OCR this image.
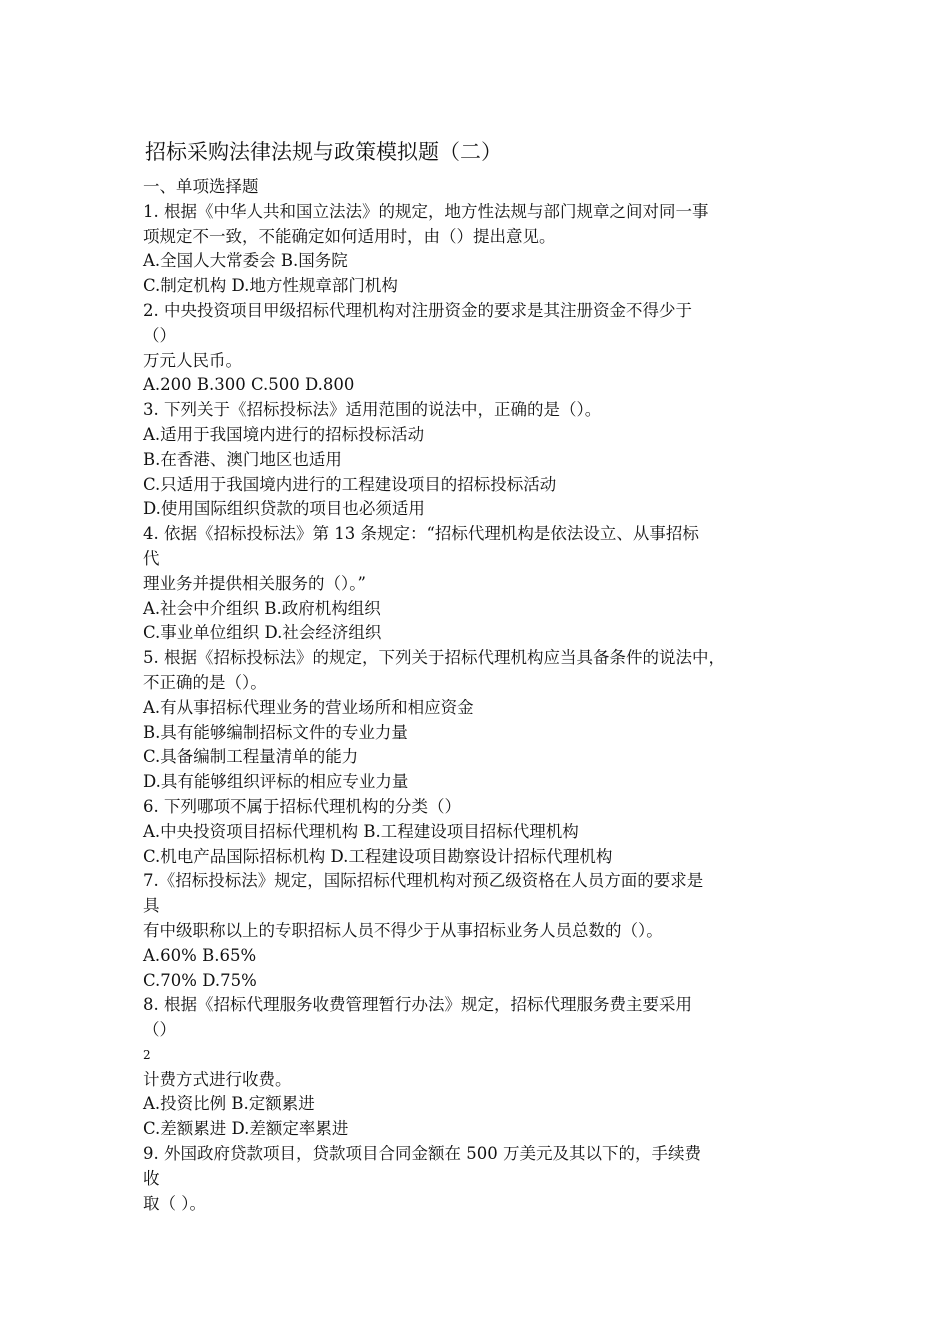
招标采购法律法规与政策模拟题（二）
一、单项选择题
1. 根据《中华人共和国立法法》的规定，地方性法规与部门规章之间对同一事
项规定不一致，不能确定如何适用时，由（）提出意见。
A.全国人大常委会 B.国务院
C.制定机构 D.地方性规章部门机构
2. 中央投资项目甲级招标代理机构对注册资金的要求是其注册资金不得少于
（）
万元人民币。
A.200 B.300 C.500 D.800
3. 下列关于《招标投标法》适用范围的说法中，正确的是（）。
A.适用于我国境内进行的招标投标活动
B.在香港、澳门地区也适用
C.只适用于我国境内进行的工程建设项目的招标投标活动
D.使用国际组织贷款的项目也必须适用
4. 依据《招标投标法》第 13 条规定：“招标代理机构是依法设立、从事招标
代
理业务并提供相关服务的（）。”
A.社会中介组织 B.政府机构组织
C.事业单位组织 D.社会经济组织
5. 根据《招标投标法》的规定，下列关于招标代理机构应当具备条件的说法中，
不正确的是（）。
A.有从事招标代理业务的营业场所和相应资金
B.具有能够编制招标文件的专业力量
C.具备编制工程量清单的能力
D.具有能够组织评标的相应专业力量
6. 下列哪项不属于招标代理机构的分类（）
A.中央投资项目招标代理机构 B.工程建设项目招标代理机构
C.机电产品国际招标机构 D.工程建设项目勘察设计招标代理机构
7.《招标投标法》规定，国际招标代理机构对预乙级资格在人员方面的要求是
具
有中级职称以上的专职招标人员不得少于从事招标业务人员总数的（）。
A.60% B.65%
C.70% D.75%
8. 根据《招标代理服务收费管理暂行办法》规定，招标代理服务费主要采用
（）
2
计费方式进行收费。
A.投资比例 B.定额累进
C.差额累进 D.差额定率累进
9. 外国政府贷款项目，贷款项目合同金额在 500 万美元及其以下的，手续费
收
取（ ）。
